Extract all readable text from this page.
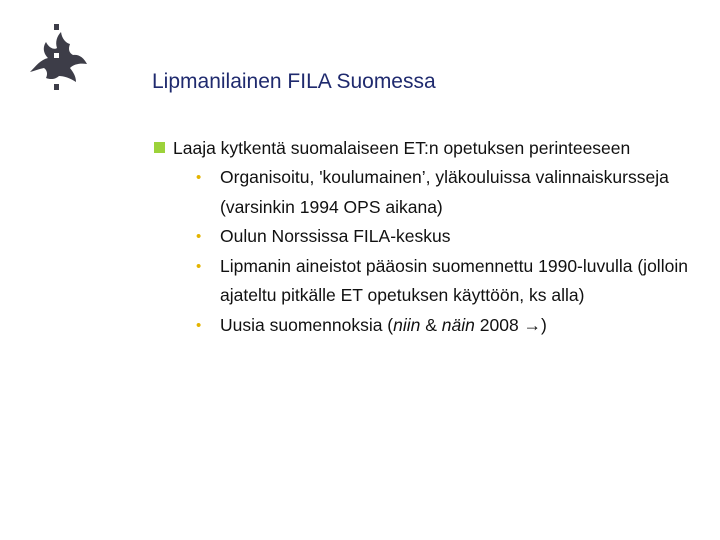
Lipmanilainen FILA Suomessa
Laaja kytkentä suomalaiseen ET:n opetuksen perinteeseen
• Organisoitu, 'koulumainen’, yläkouluissa valinnaiskursseja (varsinkin 1994 OPS aikana)
• Oulun Norssissa FILA-keskus
• Lipmanin aineistot pääosin suomennettu 1990-luvulla (jolloin ajateltu pitkälle ET opetuksen käyttöön, ks alla)
• Uusia suomennoksia (niin & näin 2008 →)
